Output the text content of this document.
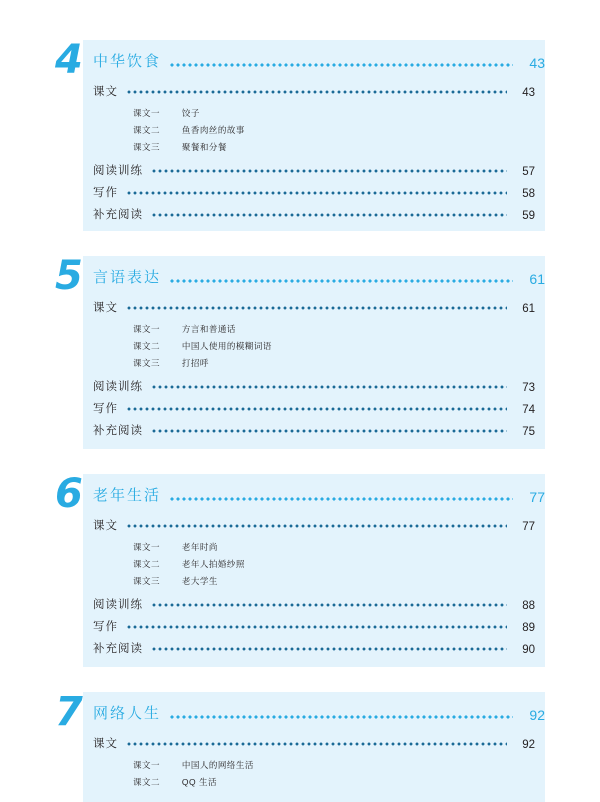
4 中华饮食	43
课文	43
课文一	饺子
课文二	鱼香肉丝的故事
课文三	聚餐和分餐
阅读训练	57
写作	58
补充阅读	59
5 言语表达	61
课文	61
课文一	方言和普通话
课文二	中国人使用的模糊词语
课文三	打招呼
阅读训练	73
写作	74
补充阅读	75
6 老年生活	77
课文	77
课文一	老年时尚
课文二	老年人拍婚纱照
课文三	老大学生
阅读训练	88
写作	89
补充阅读	90
7 网络人生	92
课文	92
课文一	中国人的网络生活
课文二	QQ 生活
